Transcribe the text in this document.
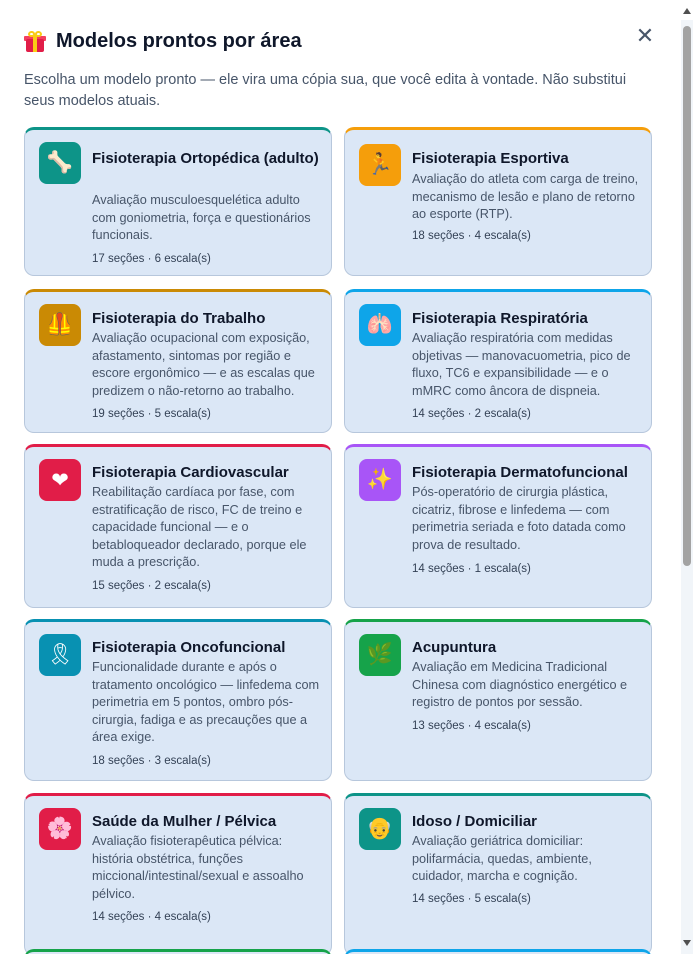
Modelos prontos por área	✕

Escolha um modelo pronto — ele vira uma cópia sua, que você edita à vontade. Não substitui seus modelos atuais.

🦴	Fisioterapia Ortopédica (adulto)
Avaliação musculoesquelética adulto com goniometria, força e questionários funcionais.
17 seções · 6 escala(s)
🏃	Fisioterapia Esportiva
Avaliação do atleta com carga de treino, mecanismo de lesão e plano de retorno ao esporte (RTP).
18 seções · 4 escala(s)
🦺	Fisioterapia do Trabalho
Avaliação ocupacional com exposição, afastamento, sintomas por região e escore ergonômico — e as escalas que predizem o não-retorno ao trabalho.
19 seções · 5 escala(s)
🫁	Fisioterapia Respiratória
Avaliação respiratória com medidas objetivas — manovacuometria, pico de fluxo, TC6 e expansibilidade — e o mMRC como âncora de dispneia.
14 seções · 2 escala(s)
❤	Fisioterapia Cardiovascular
Reabilitação cardíaca por fase, com estratificação de risco, FC de treino e capacidade funcional — e o betabloqueador declarado, porque ele muda a prescrição.
15 seções · 2 escala(s)
✨	Fisioterapia Dermatofuncional
Pós-operatório de cirurgia plástica, cicatriz, fibrose e linfedema — com perimetria seriada e foto datada como prova de resultado.
14 seções · 1 escala(s)
🎗	Fisioterapia Oncofuncional
Funcionalidade durante e após o tratamento oncológico — linfedema com perimetria em 5 pontos, ombro pós-cirurgia, fadiga e as precauções que a área exige.
18 seções · 3 escala(s)
🌿	Acupuntura
Avaliação em Medicina Tradicional Chinesa com diagnóstico energético e registro de pontos por sessão.
13 seções · 4 escala(s)
🌸	Saúde da Mulher / Pélvica
Avaliação fisioterapêutica pélvica: história obstétrica, funções miccional/intestinal/sexual e assoalho pélvico.
14 seções · 4 escala(s)
👴	Idoso / Domiciliar
Avaliação geriátrica domiciliar: polifarmácia, quedas, ambiente, cuidador, marcha e cognição.
14 seções · 5 escala(s)
